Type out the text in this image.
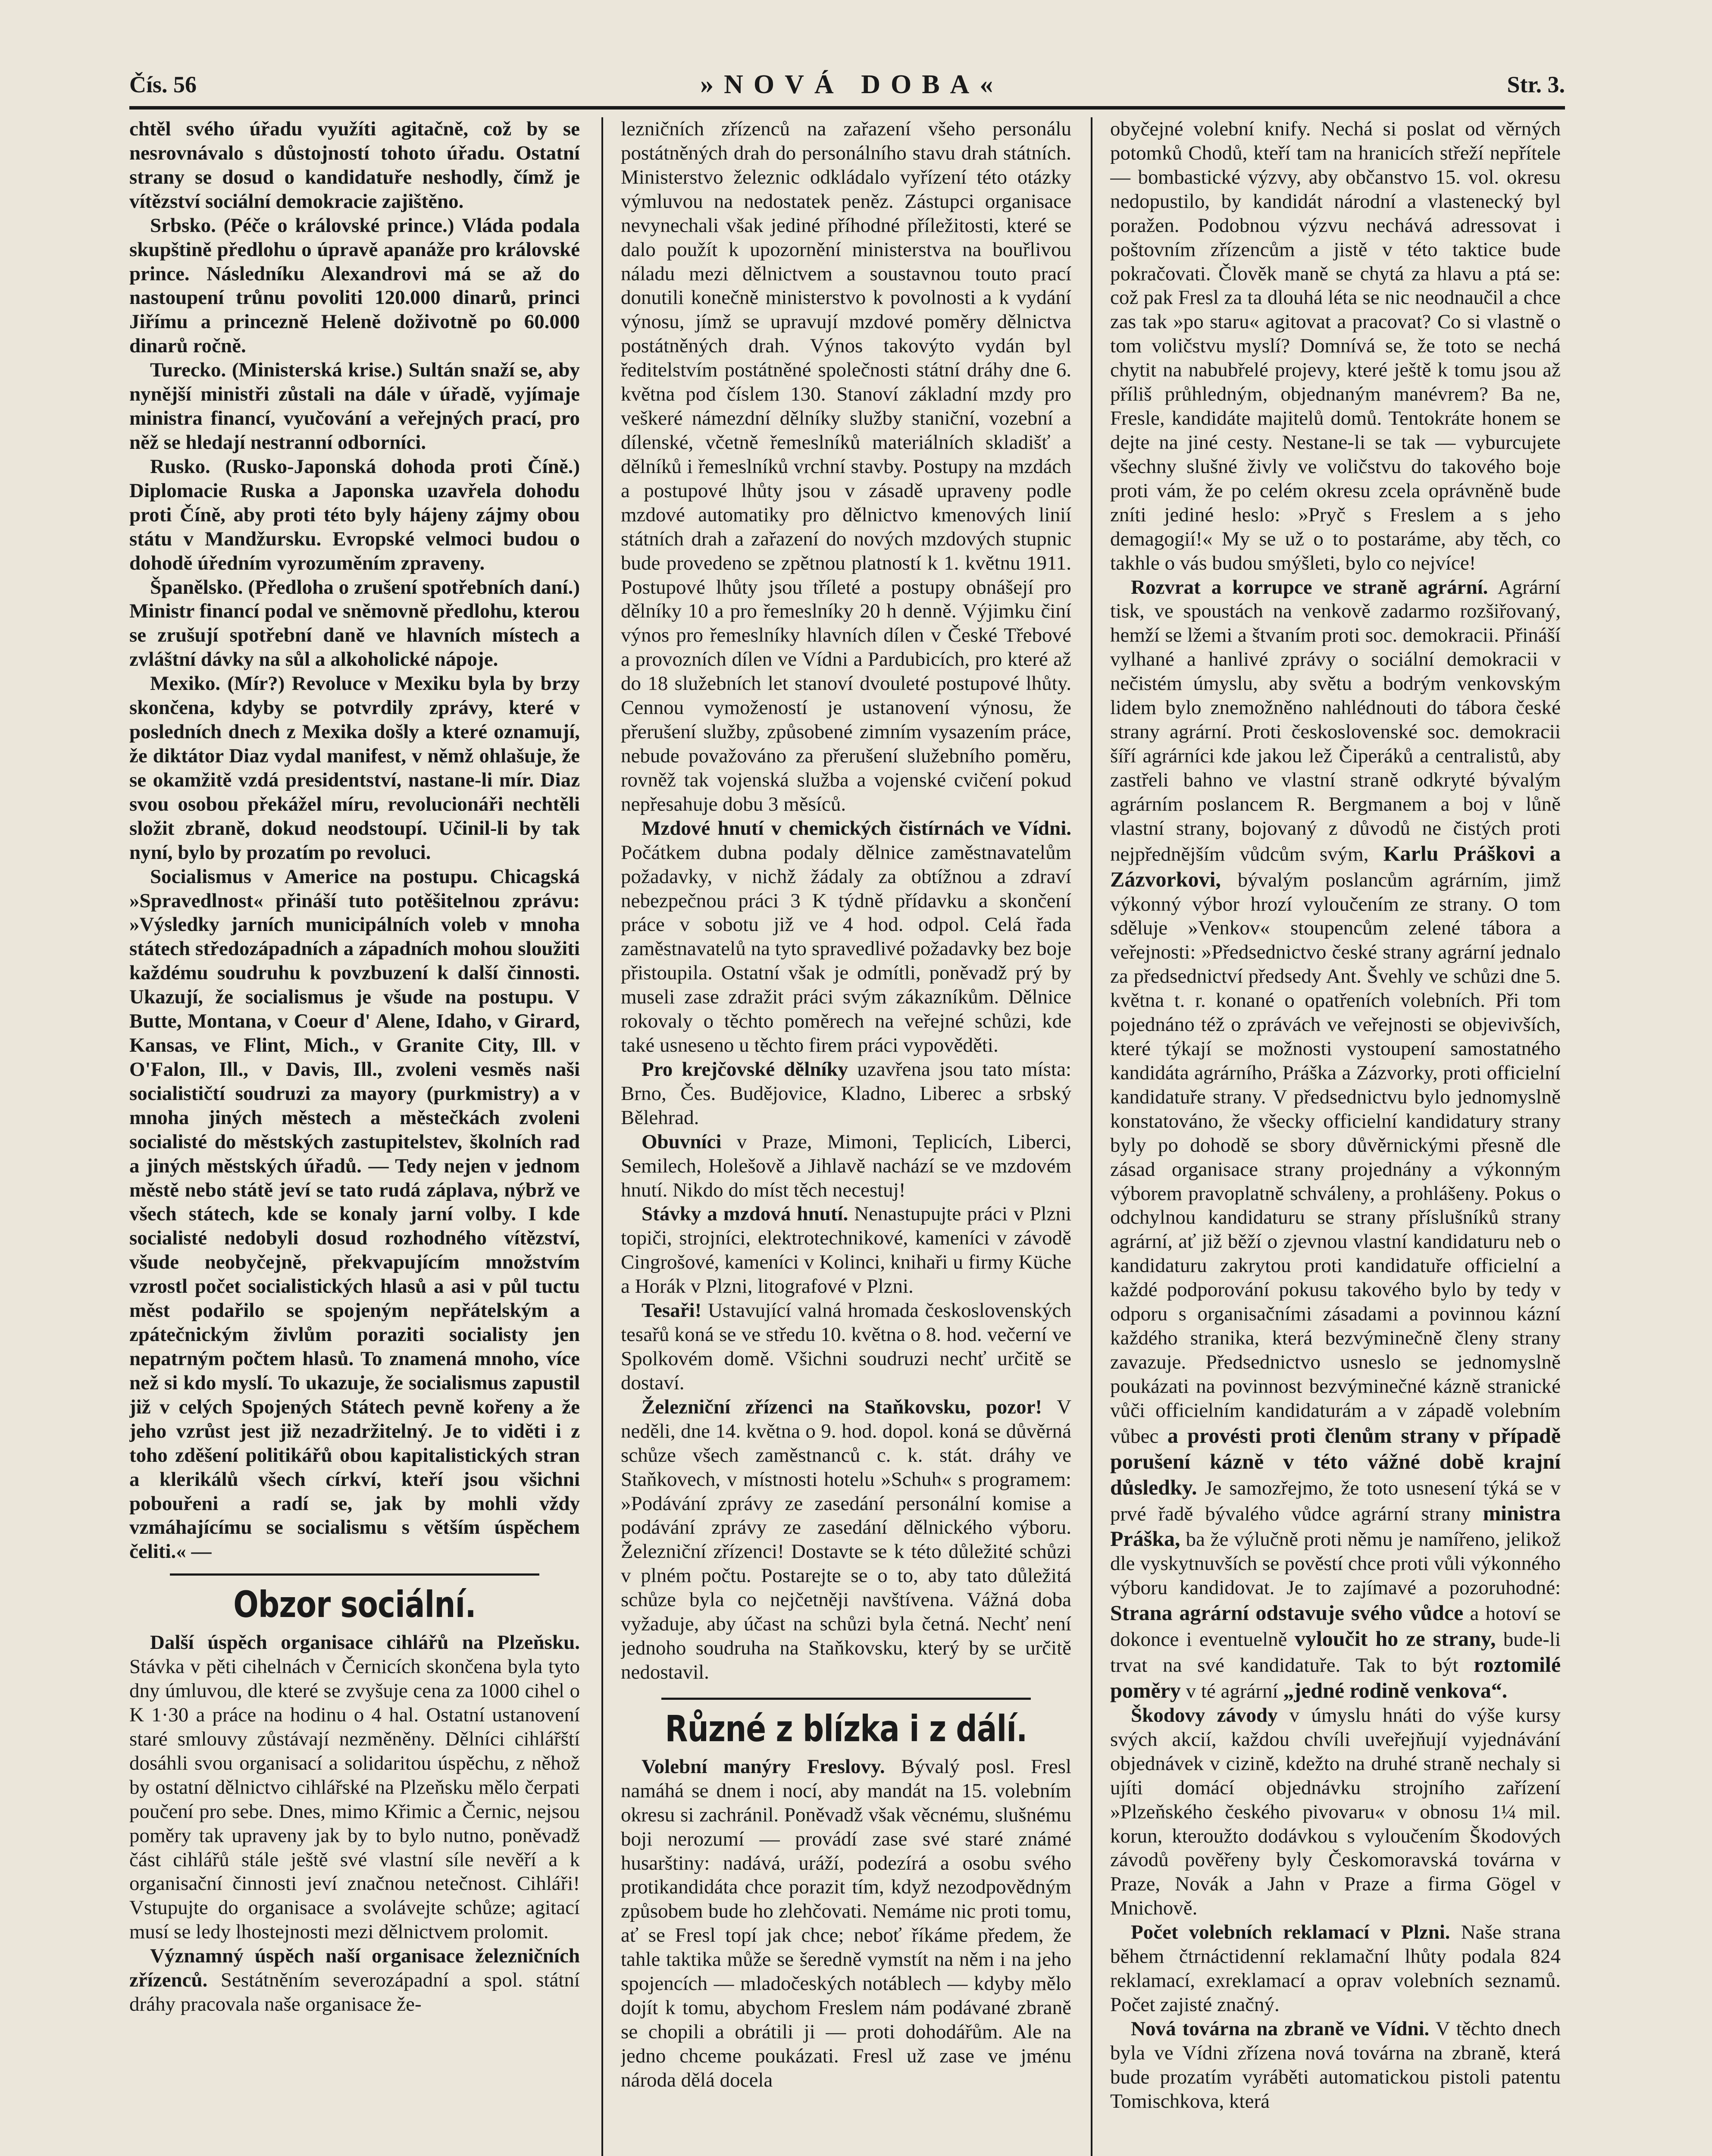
Čís. 56	»NOVÁ DOBA«	Str. 3.

chtěl svého úřadu využíti agitačně, což by se nesrovnávalo s důstojností tohoto úřadu. Ostatní strany se dosud o kandidatuře neshodly, čímž je vítězství sociální demokracie zajištěno.

Srbsko. (Péče o královské prince.) Vláda podala skupštině předlohu o úpravě apanáže pro královské prince. Následníku Alexandrovi má se až do nastoupení trůnu povoliti 120.000 dinarů, princi Jiřímu a princezně Heleně doživotně po 60.000 dinarů ročně.

Turecko. (Ministerská krise.) Sultán snaží se, aby nynější ministři zůstali na dále v úřadě, vyjímaje ministra financí, vyučování a veřejných prací, pro něž se hledají nestranní odborníci.

Rusko. (Rusko-Japonská dohoda proti Číně.) Diplomacie Ruska a Japonska uzavřela dohodu proti Číně, aby proti této byly hájeny zájmy obou státu v Mandžursku. Evropské velmoci budou o dohodě úředním vyrozuměním zpraveny.

Španělsko. (Předloha o zrušení spotřebních daní.) Ministr financí podal ve sněmovně předlohu, kterou se zrušují spotřební daně ve hlavních místech a zvláštní dávky na sůl a alkoholické nápoje.

Mexiko. (Mír?) Revoluce v Mexiku byla by brzy skončena, kdyby se potvrdily zprávy, které v posledních dnech z Mexika došly a které oznamují, že diktátor Diaz vydal manifest, v němž ohlašuje, že se okamžitě vzdá presidentství, nastane-li mír. Diaz svou osobou překážel míru, revolucionáři nechtěli složit zbraně, dokud neodstoupí. Učinil-li by tak nyní, bylo by prozatím po revoluci.

Socialismus v Americe na postupu. Chicagská »Spravedlnost« přináší tuto potěšitelnou zprávu: »Výsledky jarních municipálních voleb v mnoha státech středozápadních a západních mohou sloužiti každému soudruhu k povzbuzení k další činnosti. Ukazují, že socialismus je všude na postupu. V Butte, Montana, v Coeur d' Alene, Idaho, v Girard, Kansas, ve Flint, Mich., v Granite City, Ill. v O'Falon, Ill., v Davis, Ill., zvoleni vesměs naši socialističtí soudruzi za mayory (purkmistry) a v mnoha jiných městech a městečkách zvoleni socialisté do městských zastupitelstev, školních rad a jiných městských úřadů. — Tedy nejen v jednom městě nebo státě jeví se tato rudá záplava, nýbrž ve všech státech, kde se konaly jarní volby. I kde socialisté nedobyli dosud rozhodného vítězství, všude neobyčejně, překvapujícím množstvím vzrostl počet socialistických hlasů a asi v půl tuctu měst podařilo se spojeným nepřátelským a zpátečnickým živlům poraziti socialisty jen nepatrným počtem hlasů. To znamená mnoho, více než si kdo myslí. To ukazuje, že socialismus zapustil již v celých Spojených Státech pevně kořeny a že jeho vzrůst jest již nezadržitelný. Je to viděti i z toho zděšení politikářů obou kapitalistických stran a klerikálů všech církví, kteří jsou všichni pobouřeni a radí se, jak by mohli vždy vzmáhajícímu se socialismu s větším úspěchem čeliti.« —

Obzor sociální.

Další úspěch organisace cihlářů na Plzeňsku. Stávka v pěti cihelnách v Černicích skončena byla tyto dny úmluvou, dle které se zvyšuje cena za 1000 cihel o K 1·30 a práce na hodinu o 4 hal. Ostatní ustanovení staré smlouvy zůstávají nezměněny. Dělníci cihlářští dosáhli svou organisací a solidaritou úspěchu, z něhož by ostatní dělnictvo cihlářské na Plzeňsku mělo čerpati poučení pro sebe. Dnes, mimo Křimic a Černic, nejsou poměry tak upraveny jak by to bylo nutno, poněvadž část cihlářů stále ještě své vlastní síle nevěří a k organisační činnosti jeví značnou netečnost. Cihláři! Vstupujte do organisace a svolávejte schůze; agitací musí se ledy lhostejnosti mezi dělnictvem prolomit.

Významný úspěch naší organisace železničních zřízenců. Sestátněním severozápadní a spol. státní dráhy pracovala naše organisace že-

lezničních zřízenců na zařazení všeho personálu postátněných drah do personálního stavu drah státních. Ministerstvo železnic odkládalo vyřízení této otázky výmluvou na nedostatek peněz. Zástupci organisace nevynechali však jediné příhodné příležitosti, které se dalo použít k upozornění ministerstva na bouřlivou náladu mezi dělnictvem a soustavnou touto prací donutili konečně ministerstvo k povolnosti a k vydání výnosu, jímž se upravují mzdové poměry dělnictva postátněných drah. Výnos takovýto vydán byl ředitelstvím postátněné společnosti státní dráhy dne 6. května pod číslem 130. Stanoví základní mzdy pro veškeré námezdní dělníky služby staniční, vozební a dílenské, včetně řemeslníků materiálních skladišť a dělníků i řemeslníků vrchní stavby. Postupy na mzdách a postupové lhůty jsou v zásadě upraveny podle mzdové automatiky pro dělnictvo kmenových linií státních drah a zařazení do nových mzdových stupnic bude provedeno se zpětnou platností k 1. květnu 1911. Postupové lhůty jsou tříleté a postupy obnášejí pro dělníky 10 a pro řemeslníky 20 h denně. Výjimku činí výnos pro řemeslníky hlavních dílen v České Třebové a provozních dílen ve Vídni a Pardubicích, pro které až do 18 služebních let stanoví dvouleté postupové lhůty. Cennou vymožeností je ustanovení výnosu, že přerušení služby, způsobené zimním vysazením práce, nebude považováno za přerušení služebního poměru, rovněž tak vojenská služba a vojenské cvičení pokud nepřesahuje dobu 3 měsíců.

Mzdové hnutí v chemických čistírnách ve Vídni. Počátkem dubna podaly dělnice zaměstnavatelům požadavky, v nichž žádaly za obtížnou a zdraví nebezpečnou práci 3 K týdně přídavku a skončení práce v sobotu již ve 4 hod. odpol. Celá řada zaměstnavatelů na tyto spravedlivé požadavky bez boje přistoupila. Ostatní však je odmítli, poněvadž prý by museli zase zdražit práci svým zákazníkům. Dělnice rokovaly o těchto poměrech na veřejné schůzi, kde také usneseno u těchto firem práci vypověděti.

Pro krejčovské dělníky uzavřena jsou tato místa: Brno, Čes. Budějovice, Kladno, Liberec a srbský Bělehrad.

Obuvníci v Praze, Mimoni, Teplicích, Liberci, Semilech, Holešově a Jihlavě nachází se ve mzdovém hnutí. Nikdo do míst těch necestuj!

Stávky a mzdová hnutí. Nenastupujte práci v Plzni topiči, strojníci, elektrotechnikové, kameníci v závodě Cingrošové, kameníci v Kolinci, knihaři u firmy Küche a Horák v Plzni, litografové v Plzni.

Tesaři! Ustavující valná hromada československých tesařů koná se ve středu 10. května o 8. hod. večerní ve Spolkovém domě. Všichni soudruzi nechť určitě se dostaví.

Železniční zřízenci na Staňkovsku, pozor! V neděli, dne 14. května o 9. hod. dopol. koná se důvěrná schůze všech zaměstnanců c. k. stát. dráhy ve Staňkovech, v místnosti hotelu »Schuh« s programem: »Podávání zprávy ze zasedání personální komise a podávání zprávy ze zasedání dělnického výboru. Železniční zřízenci! Dostavte se k této důležité schůzi v plném počtu. Postarejte se o to, aby tato důležitá schůze byla co nejčetněji navštívena. Vážná doba vyžaduje, aby účast na schůzi byla četná. Nechť není jednoho soudruha na Staňkovsku, který by se určitě nedostavil.

Různé z blízka i z dálí.

Volební manýry Freslovy. Bývalý posl. Fresl namáhá se dnem i nocí, aby mandát na 15. volebním okresu si zachránil. Poněvadž však věcnému, slušnému boji nerozumí — provádí zase své staré známé husarštiny: nadává, uráží, podezírá a osobu svého protikandidáta chce porazit tím, když nezodpovědným způsobem bude ho zlehčovati. Nemáme nic proti tomu, ať se Fresl topí jak chce; neboť říkáme předem, že tahle taktika může se šeredně vymstít na něm i na jeho spojencích — mladočeských notáblech — kdyby mělo dojít k tomu, abychom Freslem nám podávané zbraně se chopili a obrátili ji — proti dohodářům. Ale na jedno chceme poukázati. Fresl už zase ve jménu národa dělá docela

obyčejné volební knify. Nechá si poslat od věrných potomků Chodů, kteří tam na hranicích střeží nepřítele — bombastické výzvy, aby občanstvo 15. vol. okresu nedopustilo, by kandidát národní a vlastenecký byl poražen. Podobnou výzvu nechává adressovat i poštovním zřízencům a jistě v této taktice bude pokračovati. Člověk maně se chytá za hlavu a ptá se: což pak Fresl za ta dlouhá léta se nic neodnaučil a chce zas tak »po staru« agitovat a pracovat? Co si vlastně o tom voličstvu myslí? Domnívá se, že toto se nechá chytit na nabubřelé projevy, které ještě k tomu jsou až příliš průhledným, objednaným manévrem? Ba ne, Fresle, kandidáte majitelů domů. Tentokráte honem se dejte na jiné cesty. Nestane-li se tak — vyburcujete všechny slušné živly ve voličstvu do takového boje proti vám, že po celém okresu zcela oprávněně bude zníti jediné heslo: »Pryč s Freslem a s jeho demagogií!« My se už o to postaráme, aby těch, co takhle o vás budou smýšleti, bylo co nejvíce!

Rozvrat a korrupce ve straně agrární. Agrární tisk, ve spoustách na venkově zadarmo rozšiřovaný, hemží se lžemi a štvaním proti soc. demokracii. Přináší vylhané a hanlivé zprávy o sociální demokracii v nečistém úmyslu, aby světu a bodrým venkovským lidem bylo znemožněno nahlédnouti do tábora české strany agrární. Proti československé soc. demokracii šíří agrárníci kde jakou lež Čiperáků a centralistů, aby zastřeli bahno ve vlastní straně odkryté bývalým agrárním poslancem R. Bergmanem a boj v lůně vlastní strany, bojovaný z důvodů ne čistých proti nejpřednějším vůdcům svým, Karlu Práškovi a Zázvorkovi, bývalým poslancům agrárním, jimž výkonný výbor hrozí vyloučením ze strany. O tom sděluje »Venkov« stoupencům zelené tábora a veřejnosti: »Předsednictvo české strany agrární jednalo za předsednictví předsedy Ant. Švehly ve schůzi dne 5. května t. r. konané o opatřeních volebních. Při tom pojednáno též o zprávách ve veřejnosti se objevivších, které týkají se možnosti vystoupení samostatného kandidáta agrárního, Práška a Zázvorky, proti officielní kandidatuře strany. V předsednictvu bylo jednomyslně konstatováno, že všecky officielní kandidatury strany byly po dohodě se sbory důvěrnickými přesně dle zásad organisace strany projednány a výkonným výborem pravoplatně schváleny, a prohlášeny. Pokus o odchylnou kandidaturu se strany příslušníků strany agrární, ať již běží o zjevnou vlastní kandidaturu neb o kandidaturu zakrytou proti kandidatuře officielní a každé podporování pokusu takového bylo by tedy v odporu s organisačními zásadami a povinnou kázní každého stranika, která bezvýminečně členy strany zavazuje. Předsednictvo usneslo se jednomyslně poukázati na povinnost bezvýminečné kázně stranické vůči officielním kandidaturám a v západě volebním vůbec a provésti proti členům strany v případě porušení kázně v této vážné době krajní důsledky. Je samozřejmo, že toto usnesení týká se v prvé řadě bývalého vůdce agrární strany ministra Práška, ba že výlučně proti němu je namířeno, jelikož dle vyskytnuvších se pověstí chce proti vůli výkonného výboru kandidovat. Je to zajímavé a pozoruhodné: Strana agrární odstavuje svého vůdce a hotoví se dokonce i eventuelně vyloučit ho ze strany, bude-li trvat na své kandidatuře. Tak to být roztomilé poměry v té agrární „jedné rodině venkova“.

Škodovy závody v úmyslu hnáti do výše kursy svých akcií, každou chvíli uveřejňují vyjednávání objednávek v cizině, kdežto na druhé straně nechaly si ujíti domácí objednávku strojního zařízení »Plzeňského českého pivovaru« v obnosu 1¼ mil. korun, kteroužto dodávkou s vyloučením Škodových závodů pověřeny byly Českomoravská továrna v Praze, Novák a Jahn v Praze a firma Gögel v Mnichově.

Počet volebních reklamací v Plzni. Naše strana během čtrnáctidenní reklamační lhůty podala 824 reklamací, exreklamací a oprav volebních seznamů. Počet zajisté značný.

Nová továrna na zbraně ve Vídni. V těchto dnech byla ve Vídni zřízena nová továrna na zbraně, která bude prozatím vyráběti automatickou pistoli patentu Tomischkova, která
